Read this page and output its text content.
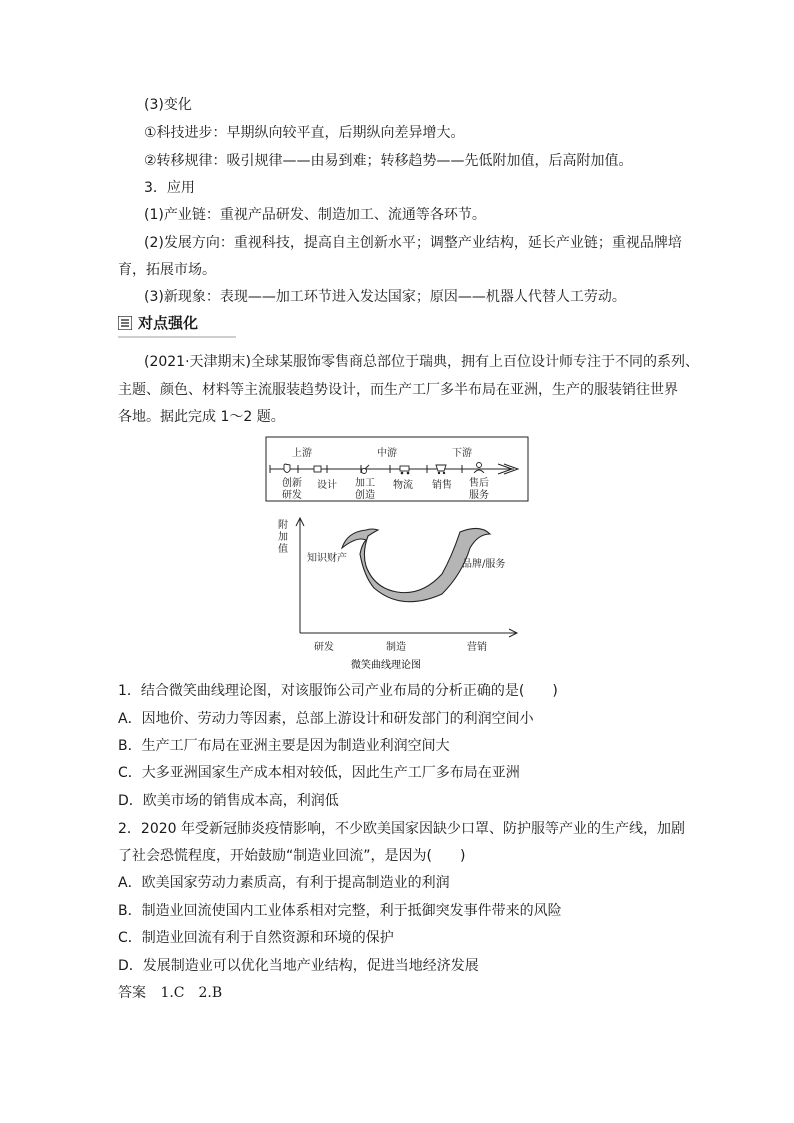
(3)变化
①科技进步：早期纵向较平直，后期纵向差异增大。
②转移规律：吸引规律——由易到难；转移趋势——先低附加值，后高附加值。
3．应用
(1)产业链：重视产品研发、制造加工、流通等各环节。
(2)发展方向：重视科技，提高自主创新水平；调整产业结构，延长产业链；重视品牌培
育，拓展市场。
(3)新现象：表现——加工环节进入发达国家；原因——机器人代替人工劳动。
对点强化
(2021·天津期末)全球某服饰零售商总部位于瑞典，拥有上百位设计师专注于不同的系列、
主题、颜色、材料等主流服装趋势设计，而生产工厂多半布局在亚洲，生产的服装销往世界
各地。据此完成 1～2 题。
上游	中游	下游
创新
研发
设计 加工
创造
物流 销售 售后
服务
附
加
值
知识财产
品牌/服务
研发	制造	营销
微笑曲线理论图
1．结合微笑曲线理论图，对该服饰公司产业布局的分析正确的是(　　)
A．因地价、劳动力等因素，总部上游设计和研发部门的利润空间小
B．生产工厂布局在亚洲主要是因为制造业利润空间大
C．大多亚洲国家生产成本相对较低，因此生产工厂多布局在亚洲
D．欧美市场的销售成本高，利润低
2．2020 年受新冠肺炎疫情影响，不少欧美国家因缺少口罩、防护服等产业的生产线，加剧
了社会恐慌程度，开始鼓励“制造业回流”，是因为(　　)
A．欧美国家劳动力素质高，有利于提高制造业的利润
B．制造业回流使国内工业体系相对完整，利于抵御突发事件带来的风险
C．制造业回流有利于自然资源和环境的保护
D．发展制造业可以优化当地产业结构，促进当地经济发展
答案 1.C　2.B
